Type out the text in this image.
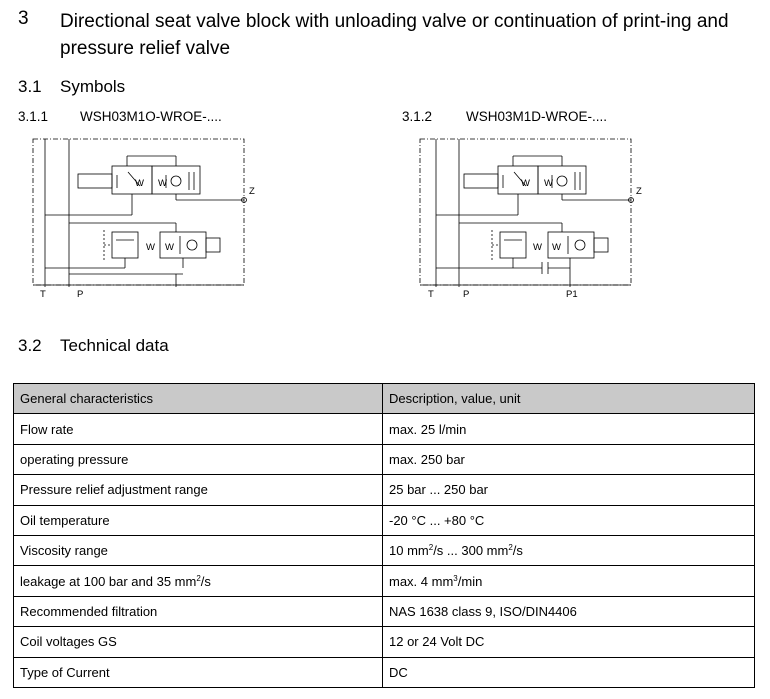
3 Directional seat valve block with unloading valve or continuation of print-ing and pressure relief valve
3.1 Symbols
3.1.1 WSH03M1O-WROE-....	3.1.2	WSH03M1D-WROE-....
T	P
Z
W W
W W
T	P	P1
Z
W W
W W
3.2 Technical data
General characteristics	Description, value, unit
Flow rate	max. 25 l/min
operating pressure	max. 250 bar
Pressure relief adjustment range	25 bar ... 250 bar
Oil temperature	-20 °C ... +80 °C
Viscosity range	10 $mm^2/s$ ... 300 $mm^2/s$
leakage at 100 bar and 35 $mm^2/s$	max. 4 $mm^3/\min$
Recommended filtration	NAS 1638 class 9, ISO/DIN4406
Coil voltages GS	12 or 24 Volt DC
Type of Current	DC
